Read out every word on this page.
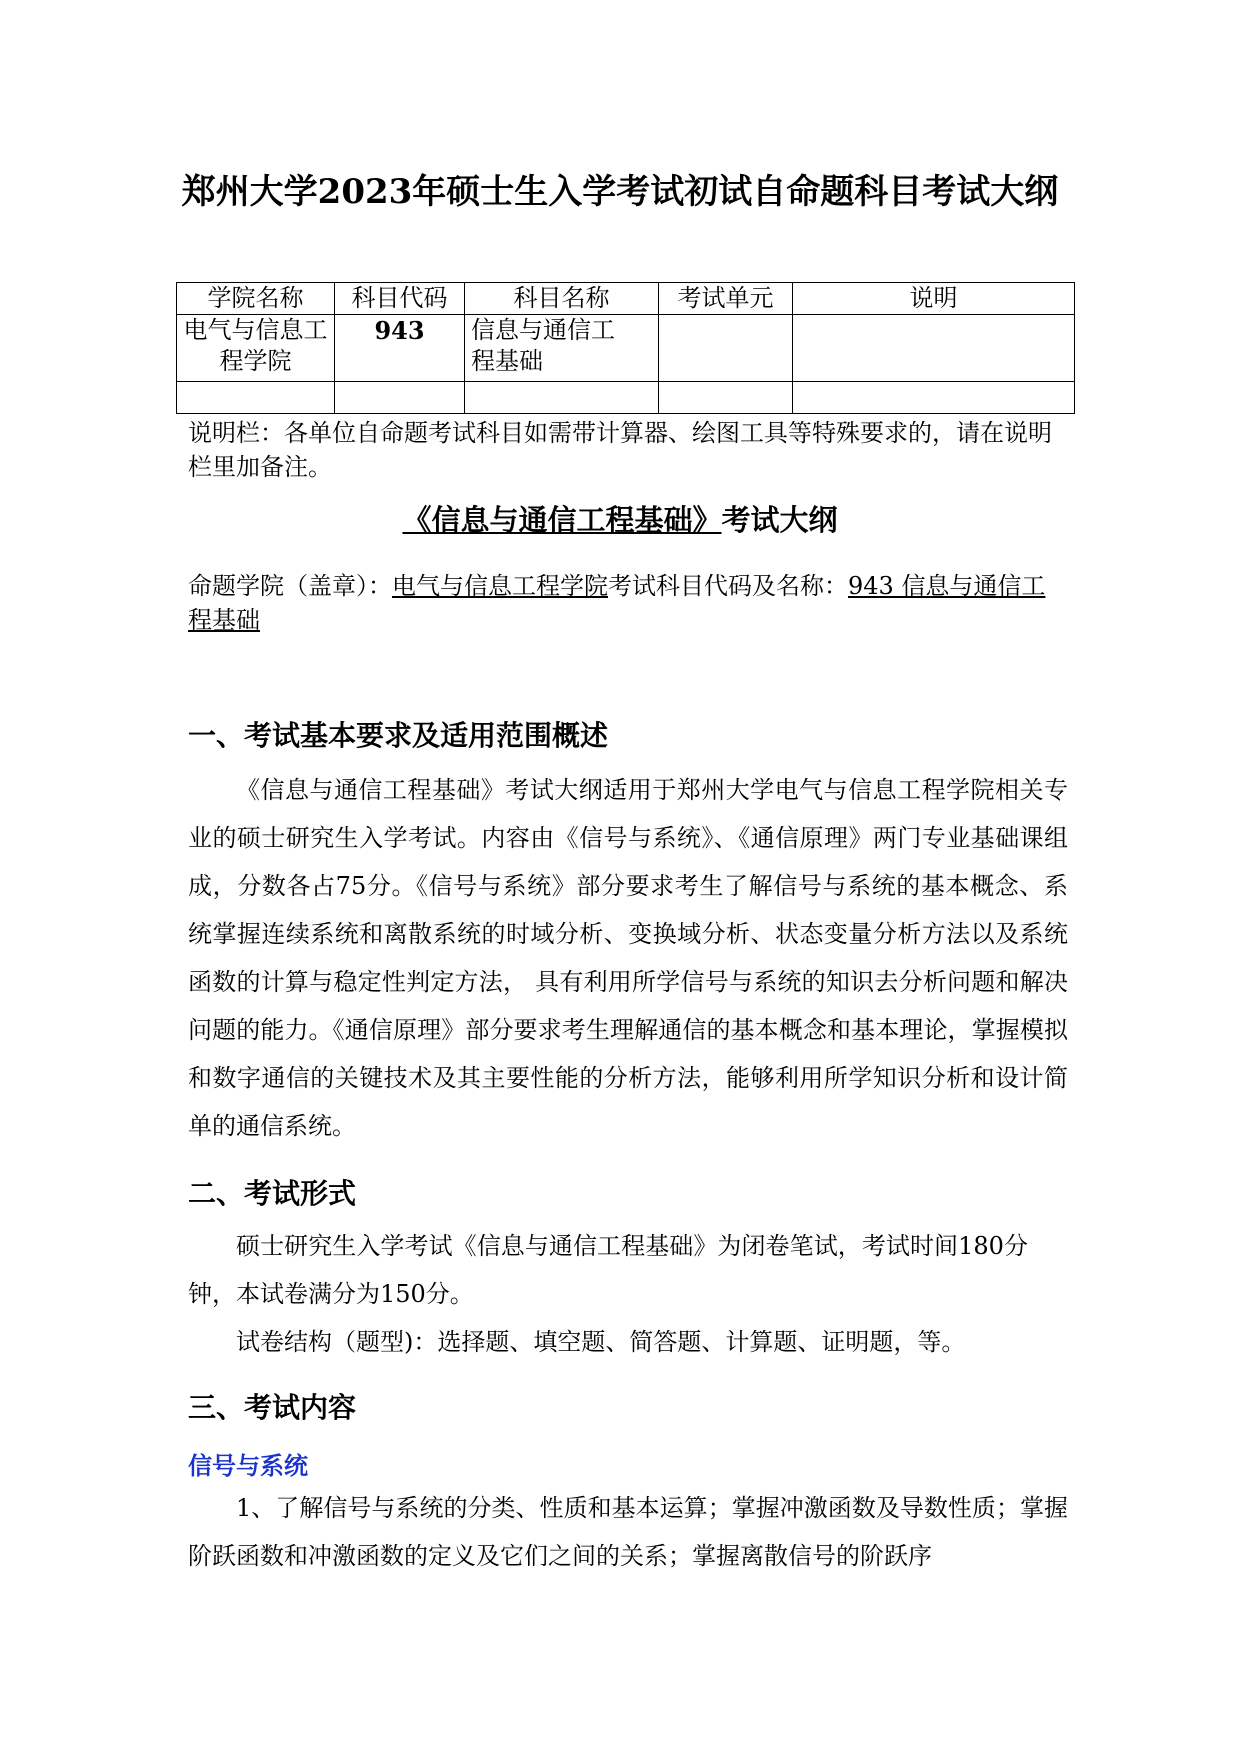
郑州大学2023年硕士生入学考试初试自命题科目考试大纲
学院名称	科目代码	科目名称	考试单元	说明
电气与信息工程学院	943	信息与通信工程基础		

说明栏：各单位自命题考试科目如需带计算器、绘图工具等特殊要求的，请在说明栏里加备注。
《信息与通信工程基础》考试大纲
命题学院（盖章）：电气与信息工程学院考试科目代码及名称：943 信息与通信工程基础
一、考试基本要求及适用范围概述
《信息与通信工程基础》考试大纲适用于郑州大学电气与信息工程学院相关专业的硕士研究生入学考试。内容由《信号与系统》、《通信原理》两门专业基础课组成，分数各占75分。《信号与系统》部分要求考生了解信号与系统的基本概念、系统掌握连续系统和离散系统的时域分析、变换域分析、状态变量分析方法以及系统函数的计算与稳定性判定方法， 具有利用所学信号与系统的知识去分析问题和解决问题的能力。《通信原理》部分要求考生理解通信的基本概念和基本理论，掌握模拟和数字通信的关键技术及其主要性能的分析方法，能够利用所学知识分析和设计简单的通信系统。
二、考试形式
硕士研究生入学考试《信息与通信工程基础》为闭卷笔试，考试时间180分钟，本试卷满分为150分。
试卷结构（题型)：选择题、填空题、简答题、计算题、证明题，等。
三、考试内容
信号与系统
1、了解信号与系统的分类、性质和基本运算；掌握冲激函数及导数性质；掌握阶跃函数和冲激函数的定义及它们之间的关系；掌握离散信号的阶跃序
